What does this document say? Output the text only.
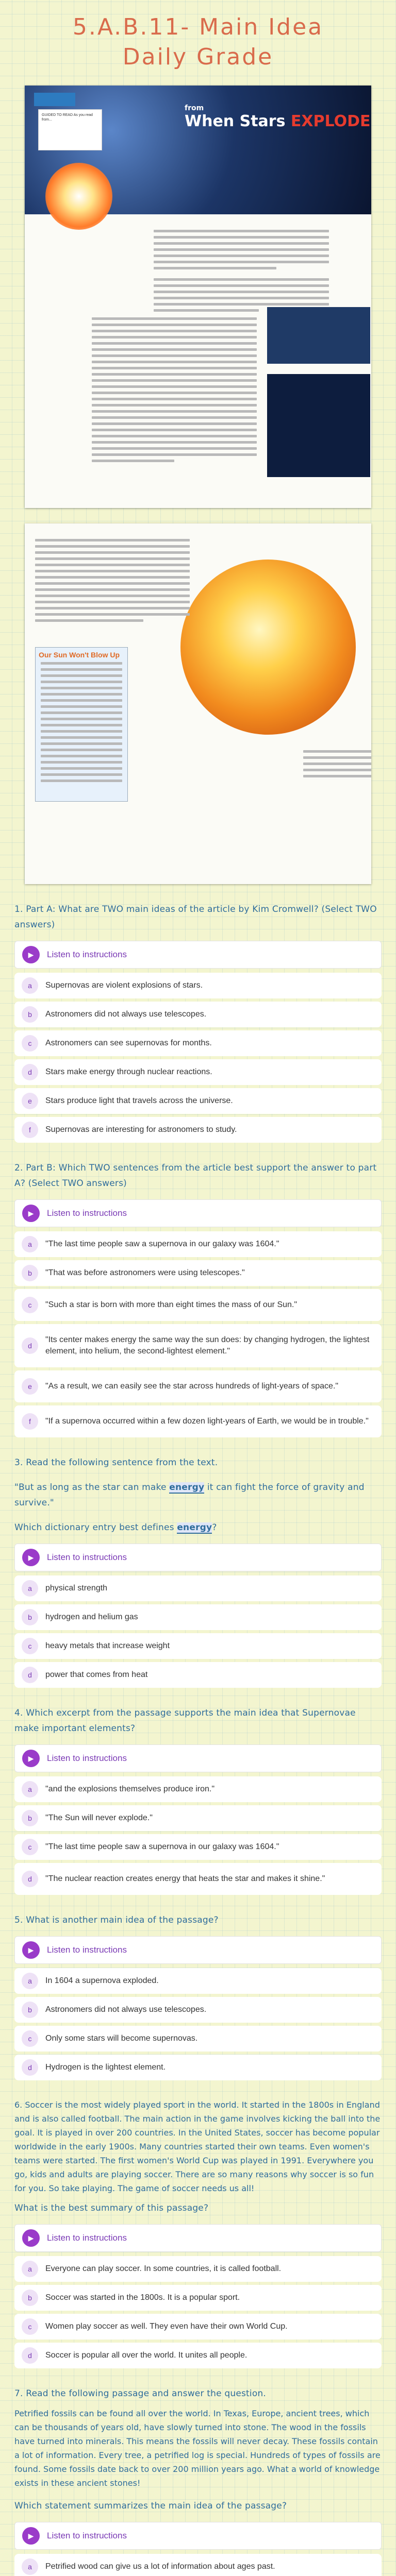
5.A.B.11- Main Idea
Daily Grade
GUIDED TO READ As you read from...
from
When Stars EXPLODE
Our Sun Won't Blow Up
1. Part A: What are TWO main ideas of the article by Kim Cromwell? (Select TWO answers)
▶	Listen to instructions
a	Supernovas are violent explosions of stars.
b	Astronomers did not always use telescopes.
c	Astronomers can see supernovas for months.
d	Stars make energy through nuclear reactions.
e	Stars produce light that travels across the universe.
f	Supernovas are interesting for astronomers to study.
2. Part B: Which TWO sentences from the article best support the answer to part A? (Select TWO answers)
▶	Listen to instructions
a	"The last time people saw a supernova in our galaxy was 1604."
b	"That was before astronomers were using telescopes."
c	"Such a star is born with more than eight times the mass of our Sun."
d
"Its center makes energy the same way the sun does: by changing hydrogen, the lightest element, into helium, the second-lightest element."
e	"As a result, we can easily see the star across hundreds of light-years of space."
f	"If a supernova occurred within a few dozen light-years of Earth, we would be in trouble."
3. Read the following sentence from the text.
"But as long as the star can make energy it can fight the force of gravity and survive."
Which dictionary entry best defines energy?
▶	Listen to instructions
a	physical strength
b	hydrogen and helium gas
c	heavy metals that increase weight
d	power that comes from heat
4. Which excerpt from the passage supports the main idea that Supernovae make important elements?
▶	Listen to instructions
a	"and the explosions themselves produce iron."
b	"The Sun will never explode."
c	"The last time people saw a supernova in our galaxy was 1604."
d	"The nuclear reaction creates energy that heats the star and makes it shine."
5. What is another main idea of the passage?
▶	Listen to instructions
a	In 1604 a supernova exploded.
b	Astronomers did not always use telescopes.
c	Only some stars will become supernovas.
d	Hydrogen is the lightest element.
6. Soccer is the most widely played sport in the world. It started in the 1800s in England and is also called football. The main action in the game involves kicking the ball into the goal. It is played in over 200 countries. In the United States, soccer has become popular worldwide in the early 1900s. Many countries started their own teams. Even women's teams were started. The first women's World Cup was played in 1991. Everywhere you go, kids and adults are playing soccer. There are so many reasons why soccer is so fun for you. So take playing. The game of soccer needs us all!
What is the best summary of this passage?
▶	Listen to instructions
a	Everyone can play soccer. In some countries, it is called football.
b	Soccer was started in the 1800s. It is a popular sport.
c	Women play soccer as well. They even have their own World Cup.
d	Soccer is popular all over the world. It unites all people.
7. Read the following passage and answer the question.
Petrified fossils can be found all over the world. In Texas, Europe, ancient trees, which can be thousands of years old, have slowly turned into stone. The wood in the fossils have turned into minerals. This means the fossils will never decay. These fossils contain a lot of information. Every tree, a petrified log is special. Hundreds of types of fossils are found. Some fossils date back to over 200 million years ago. What a world of knowledge exists in these ancient stones!
Which statement summarizes the main idea of the passage?
▶	Listen to instructions
a	Petrified wood can give us a lot of information about ages past.
